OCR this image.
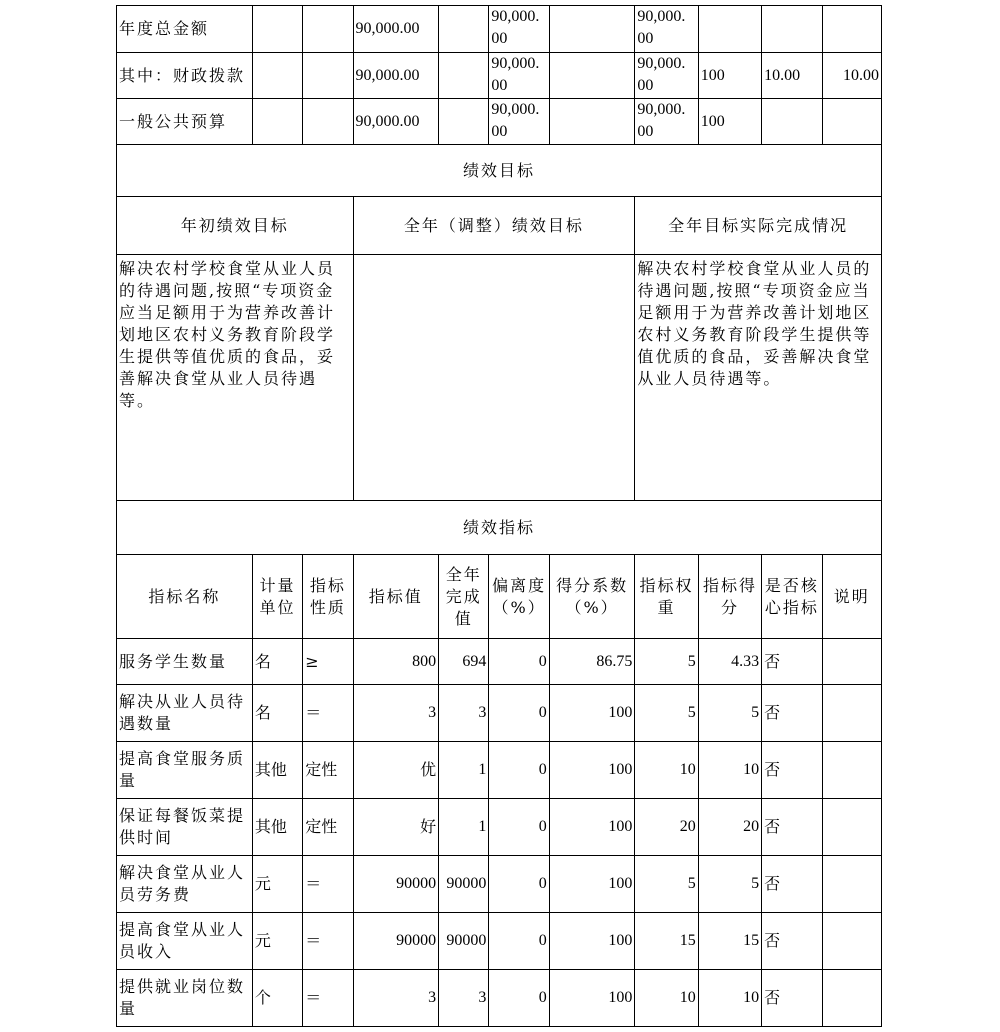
年度总金额			90,000.00		90,000.
00		90,000.
00			
其中：财政拨款			90,000.00		90,000.
00		90,000.
00	100	10.00	10.00
一般公共预算			90,000.00		90,000.
00		90,000.
00	100		
绩效目标										
年初绩效目标			全年（调整）绩效目标				全年目标实际完成情况			
解决农村学校食堂从业人员的待遇问题,按照“专项资金应当足额用于为营养改善计划地区农村义务教育阶段学生提供等值优质的食品，妥善解决食堂从业人员待遇等。							解决农村学校食堂从业人员的待遇问题,按照“专项资金应当足额用于为营养改善计划地区农村义务教育阶段学生提供等值优质的食品，妥善解决食堂从业人员待遇等。			
绩效指标										
指标名称	计量单位	指标性质	指标值	全年完成值	偏离度（%）	得分系数（%）	指标权重	指标得分	是否核心指标	说明
服务学生数量	名	≥	800	694	0	86.75	5	4.33	否	
解决从业人员待遇数量	名	＝	3	3	0	100	5	5	否	
提高食堂服务质量	其他	定性	优	1	0	100	10	10	否	
保证每餐饭菜提供时间	其他	定性	好	1	0	100	20	20	否	
解决食堂从业人员劳务费	元	＝	90000	90000	0	100	5	5	否	
提高食堂从业人员收入	元	＝	90000	90000	0	100	15	15	否	
提供就业岗位数量	个	＝	3	3	0	100	10	10	否	
